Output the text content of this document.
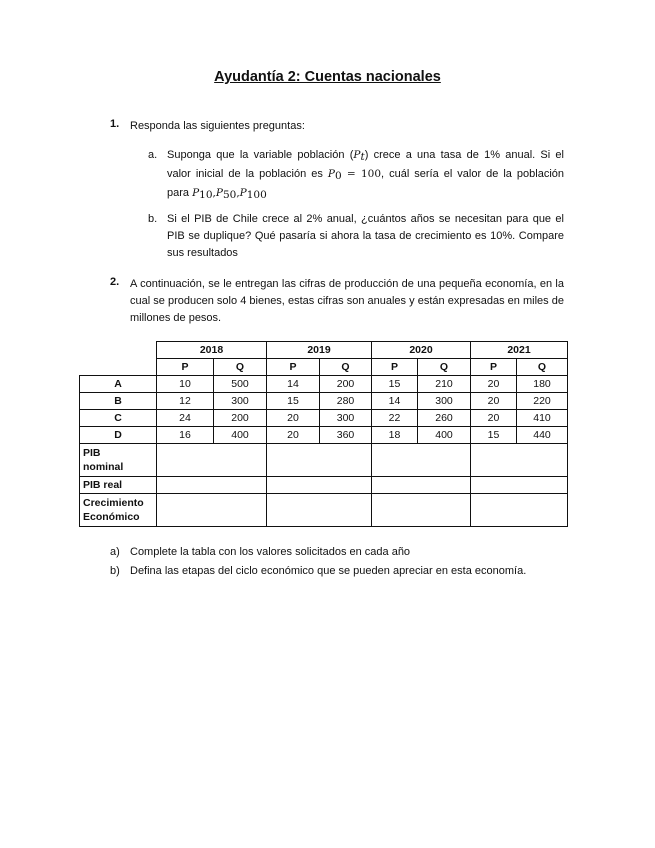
Ayudantía 2: Cuentas nacionales
1. Responda las siguientes preguntas:
a. Suponga que la variable población $(P_t)$ crece a una tasa de 1% anual. Si el
valor inicial de la población es $P_0 = 100$, cuál sería el valor de la población
para $P_{10},P_{50},P_{100}$
b. Si el PIB de Chile crece al 2% anual, ¿cuántos años se necesitan para que el PIB se duplique? Qué pasaría si ahora la tasa de crecimiento es 10%. Compare sus resultados
2. A continuación, se le entregan las cifras de producción de una pequeña economía, en la cual se producen solo 4 bienes, estas cifras son anuales y están expresadas en miles de millones de pesos.
	2018		2019		2020		2021	
	P	Q	P	Q	P	Q	P	Q
A	10	500	14	200	15	210	20	180
B	12	300	15	280	14	300	20	220
C	24	200	20	300	22	260	20	410
D	16	400	20	360	18	400	15	440
PIB
nominal								
PIB real								
Crecimiento
Económico								
a) Complete la tabla con los valores solicitados en cada año
b) Defina las etapas del ciclo económico que se pueden apreciar en esta economía.
